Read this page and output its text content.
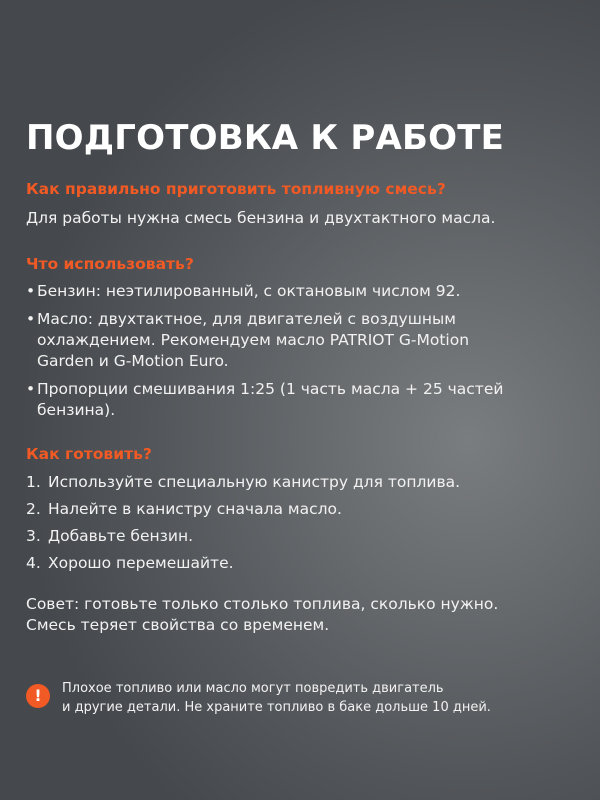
ПОДГОТОВКА К РАБОТЕ
Как правильно приготовить топливную смесь?
Для работы нужна смесь бензина и двухтактного масла.
Что использовать?
• Бензин: неэтилированный, с октановым числом 92.
• Масло: двухтактное, для двигателей с воздушным
охлаждением. Рекомендуем масло PATRIOT G-Motion
Garden и G-Motion Euro.
• Пропорции смешивания 1:25 (1 часть масла + 25 частей
бензина).
Как готовить?
1. Используйте специальную канистру для топлива.
2. Налейте в канистру сначала масло.
3. Добавьте бензин.
4. Хорошо перемешайте.
Совет: готовьте только столько топлива, сколько нужно.
Смесь теряет свойства со временем.
!	Плохое топливо или масло могут повредить двигатель
и другие детали. Не храните топливо в баке дольше 10 дней.
